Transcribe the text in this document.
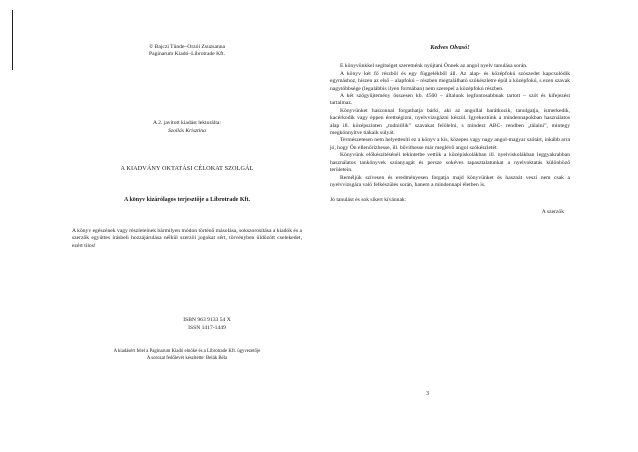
© Bajczi Tünde–Orzói Zsuzsanna
Paginarum Kiadó–Librotrade Kft.
A 2. javított kiadást lektorálta:
Szollás Krisztina
A KIADVÁNY OKTATÁSI CÉLOKAT SZOLGÁL
A könyv kizárólagos terjesztője a Librotrade Kft.
A könyv egészének vagy részleteinek bármilyen módon történő másolása, sokszorosítása a kiadók és a szerzők együttes írásbeli hozzájárulása nélkül szerzői jogokat sért, törvényben üldözött cselekedet, ezért tilos!
ISBN 963 9133 54 X
ISSN 1417-1449
A kiadásért felel a Paginarum Kiadó elnöke és a Librotrade Kft. ügyvezetője
A sorozat fedőlevét készítette: Belák Béla
Kedves Olvasó!

E könyvünkkel segítséget szeretnénk nyújtani Önnek az angol nyelv tanulása során.

A könyv két fő részből és egy függelékből áll. Az alap- és középfokú szószedet kapcsolódik egymáshoz, hiszen az első – alapfokú – részben megtalálható szókészletre épül a középfokú, s ezen szavak nagytöbbsége (legalábbis ilyen formában) nem szerepel a középfokú részben.

A két szógyűjtemény összesen kb. 4500 – általunk legfontosabbnak tartott – szót és kifejezést tartalmaz.

Könyvünket haszonnal forgathatja bárki, aki az angollal barátkozik, tanulgatja, ismerkedik, kacérkodik vagy éppen érettségizni, nyelvvizsgázni készül. Igyekeztünk a mindennapokban használatos alap ill. középszinten „tudniillik” szavakat felölelni, s mindezt ABC- rendben „tálalni”, mintegy megkönnyítve tiákaik súlyát.

Természetesen nem helyettesíti ez a könyv a kis, közepes vagy nagy angol-magyar szótárt, inkább arra jó, hogy Ön ellenőrizhesse, ill. bővíthesse már meglévő angol szókészletét.

Könyvünk előkészítésénél tekintetbe vettük a középiskolákban ill. nyelviskolákban leggyakrabban használatos tankönyvek szóanyagát és persze sokéves tapasztalatunkat a nyelvoktatás különböző területein.

Reméljük szívesen és eredményesen forgatja majd könyvünket és hasznát veszi nem csak a nyelvvizsgára való felkészülés során, hanem a mindennapi életben is.

Jó tanulást és sok sikert kívánnak:

A szerzők
3
